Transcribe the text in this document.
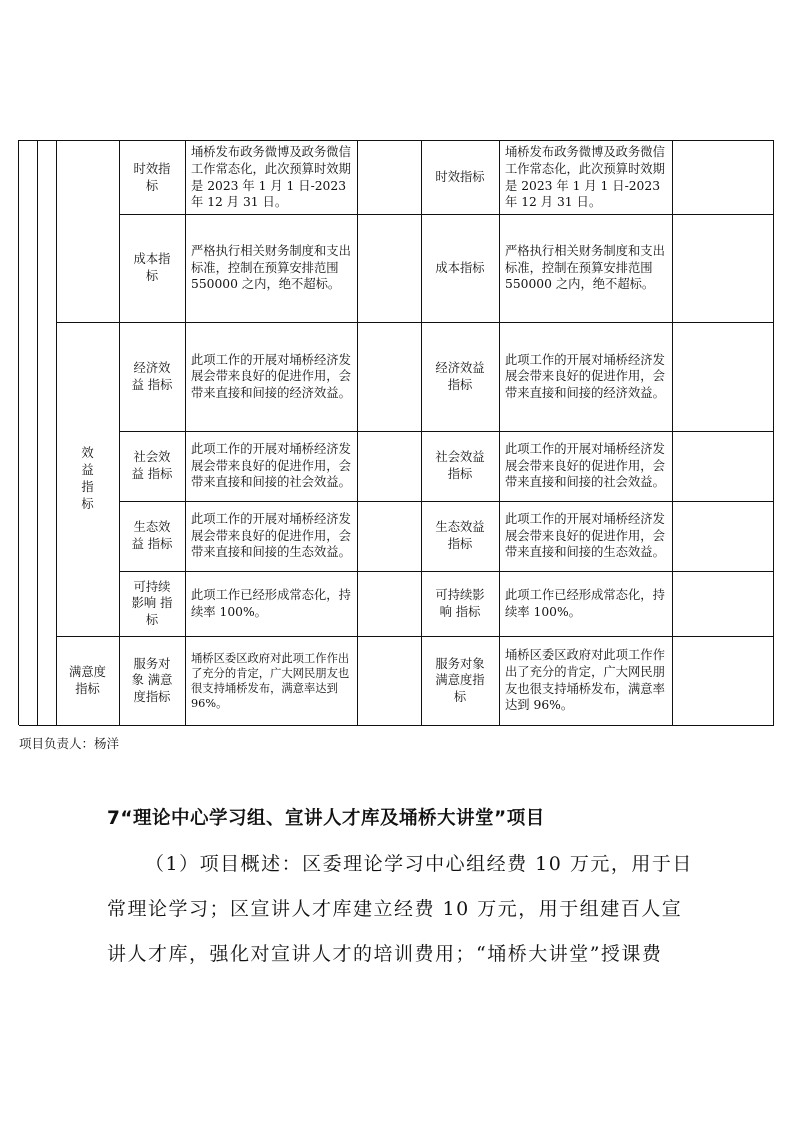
效益指标
满意度指标
时效指
标
埇桥发布政务微博及政务微信工作常态化，此次预算时效期是 2023 年 1 月 1 日-2023 年 12 月 31 日。
时效指标
埇桥发布政务微博及政务微信工作常态化，此次预算时效期是 2023 年 1 月 1 日-2023 年 12 月 31 日。
成本指
标
严格执行相关财务制度和支出标准，控制在预算安排范围 550000 之内，绝不超标。
成本指标
严格执行相关财务制度和支出标准，控制在预算安排范围 550000 之内，绝不超标。
经济效
益 指标
此项工作的开展对埇桥经济发展会带来良好的促进作用，会带来直接和间接的经济效益。
经济效益
指标
此项工作的开展对埇桥经济发展会带来良好的促进作用，会带来直接和间接的经济效益。
社会效
益 指标
此项工作的开展对埇桥经济发展会带来良好的促进作用，会带来直接和间接的社会效益。
社会效益
指标
此项工作的开展对埇桥经济发展会带来良好的促进作用，会带来直接和间接的社会效益。
生态效
益 指标
此项工作的开展对埇桥经济发展会带来良好的促进作用，会带来直接和间接的生态效益。
生态效益
指标
此项工作的开展对埇桥经济发展会带来良好的促进作用，会带来直接和间接的生态效益。
可持续
影响 指
标
此项工作已经形成常态化，持续率 100%。
可持续影
响 指标
此项工作已经形成常态化，持续率 100%。
服务对
象 满意
度指标
埇桥区委区政府对此项工作作出了充分的肯定，广大网民朋友也很支持埇桥发布，满意率达到 96%。
服务对象
满意度指
标
埇桥区委区政府对此项工作作出了充分的肯定，广大网民朋友也很支持埇桥发布，满意率达到 96%。
项目负责人：杨洋
7“理论中心学习组、宣讲人才库及埇桥大讲堂”项目

（1）项目概述：区委理论学习中心组经费 10 万元，用于日

常理论学习；区宣讲人才库建立经费 10 万元，用于组建百人宣

讲人才库，强化对宣讲人才的培训费用；“埇桥大讲堂”授课费
